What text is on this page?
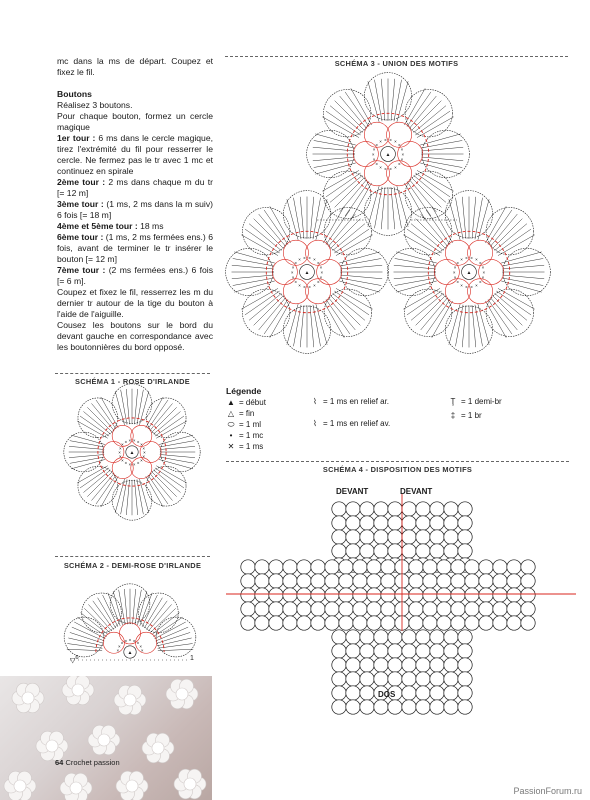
mc dans la ms de départ. Coupez et fixez le fil.

Boutons

Réalisez 3 boutons.

Pour chaque bouton, formez un cercle magique

1er tour : 6 ms dans le cercle magique, tirez l'extrémité du fil pour resserrer le cercle. Ne fermez pas le tr avec 1 mc et continuez en spirale

2ème tour : 2 ms dans chaque m du tr [= 12 m]

3ème tour : (1 ms, 2 ms dans la m suiv) 6 fois [= 18 m]

4ème et 5ème tour : 18 ms

6ème tour : (1 ms, 2 ms fermées ens.) 6 fois, avant de terminer le tr insérer le bouton [= 12 m]

7ème tour : (2 ms fermées ens.) 6 fois [= 6 m].

Coupez et fixez le fil, resserrez les m du dernier tr autour de la tige du bouton à l'aide de l'aiguille.

Cousez les boutons sur le bord du devant gauche en correspondance avec les boutonnières du bord opposé.

SCHÉMA 3 - UNION DES MOTIFS
SCHÉMA 1 - ROSE D'IRLANDE
SCHÉMA 2 - DEMI-ROSE D'IRLANDE
SCHÉMA 4 - DISPOSITION DES MOTIFS
×
×
×
×
×
×
×
×
×
×
×
×
× × × ×
×
×
▲
×
×
×
×
×
×
×
×
×
×
×
×
× × × ×
×
×
▲	×
×
×
×
×
×
×
×
×
×
×
×
× × × ×
×
×
▲
×
×
×
×
×
×
×
×
×
×
×
×
× × × ×
×
×
▲
×
×
× × × × ×
×
×
▲
▽$^6$	1
Légende
▲ = début
△ = fin
⬭ = 1 ml
• = 1 mc
✕ = 1 ms
⌇ = 1 ms en relief ar.
⌇ = 1 ms en relief av.
Ţ = 1 demi-br
‡ = 1 br
DEVANT	DEVANT
DOS
64 Crochet passion
PassionForum.ru
